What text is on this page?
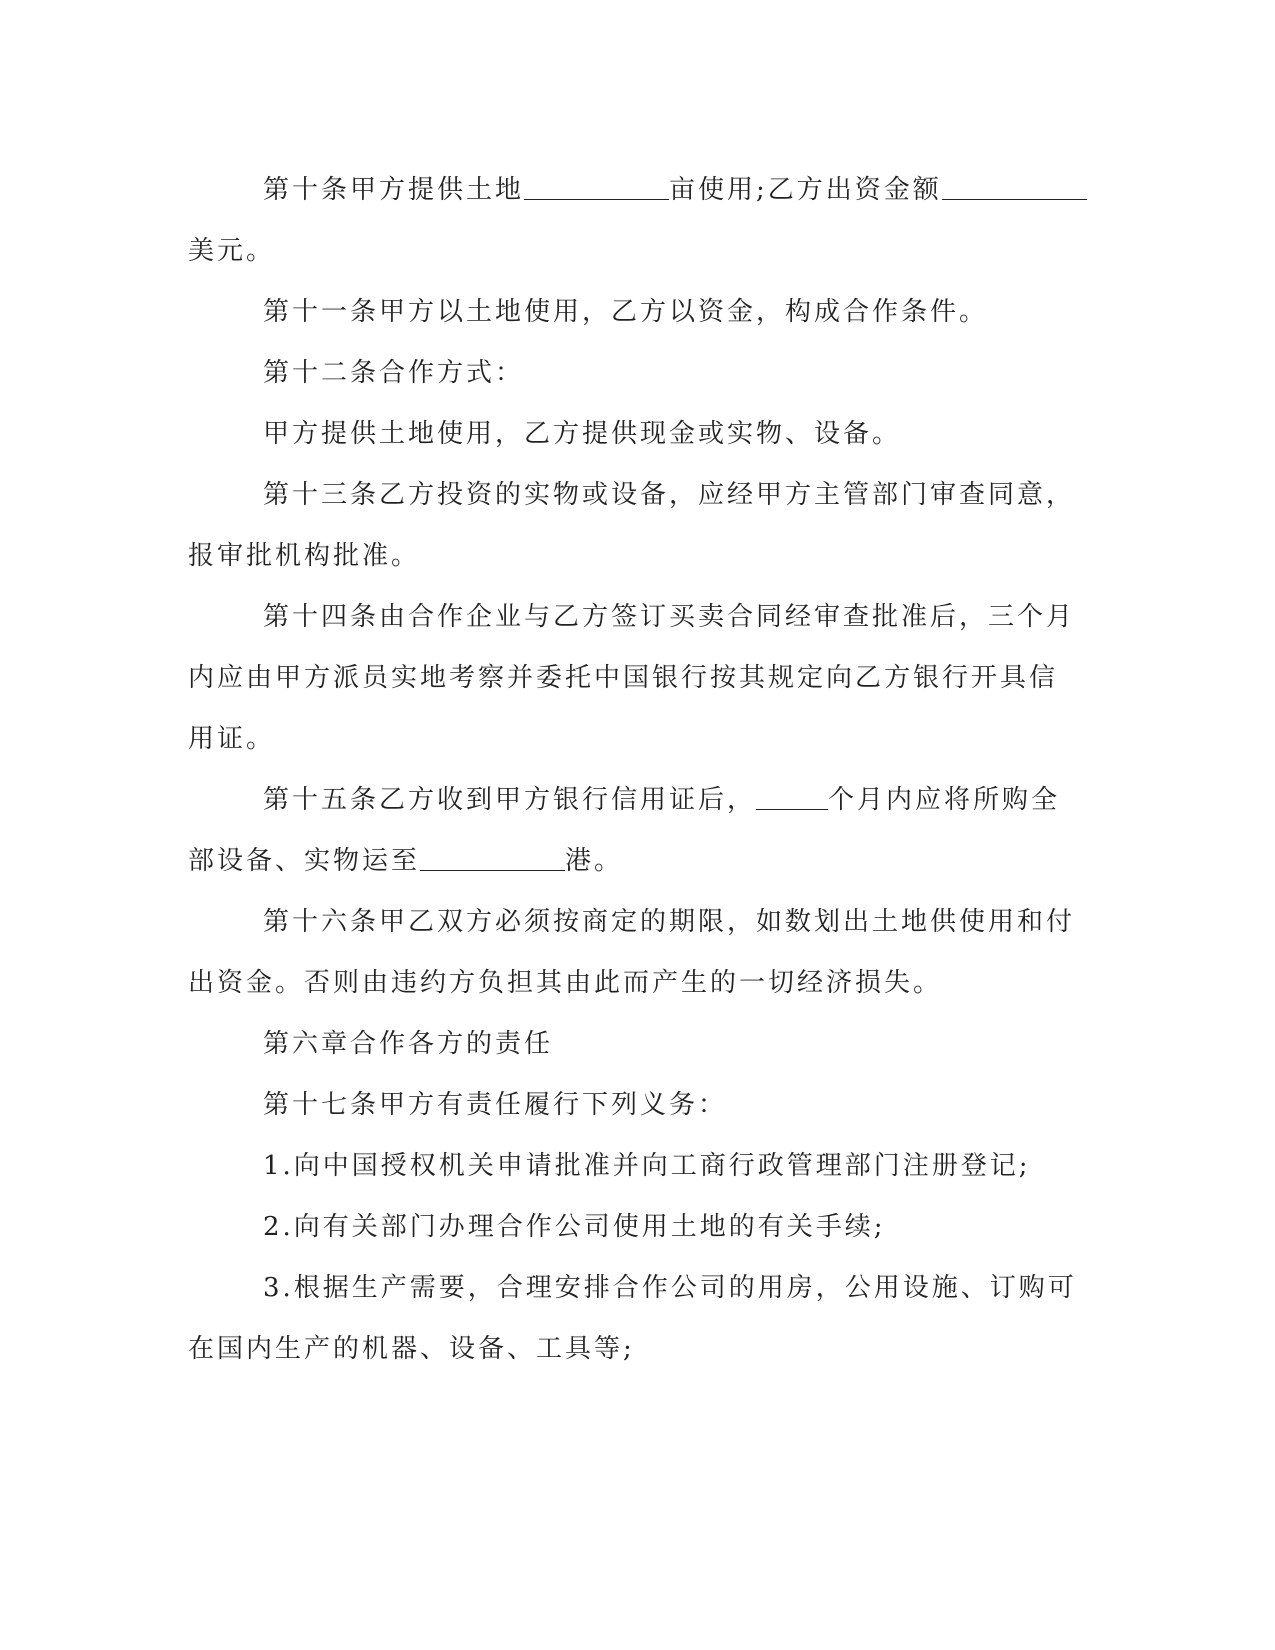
第十条甲方提供土地	亩使用;乙方出资金额
美元。
第十一条甲方以土地使用，乙方以资金，构成合作条件。
第十二条合作方式：
甲方提供土地使用，乙方提供现金或实物、设备。
第十三条乙方投资的实物或设备，应经甲方主管部门审查同意，
报审批机构批准。
第十四条由合作企业与乙方签订买卖合同经审查批准后，三个月
内应由甲方派员实地考察并委托中国银行按其规定向乙方银行开具信
用证。
第十五条乙方收到甲方银行信用证后，	个月内应将所购全
部设备、实物运至	港。
第十六条甲乙双方必须按商定的期限，如数划出土地供使用和付
出资金。否则由违约方负担其由此而产生的一切经济损失。
第六章合作各方的责任
第十七条甲方有责任履行下列义务：
1.向中国授权机关申请批准并向工商行政管理部门注册登记;
2.向有关部门办理合作公司使用土地的有关手续;
3.根据生产需要，合理安排合作公司的用房，公用设施、订购可
在国内生产的机器、设备、工具等;
